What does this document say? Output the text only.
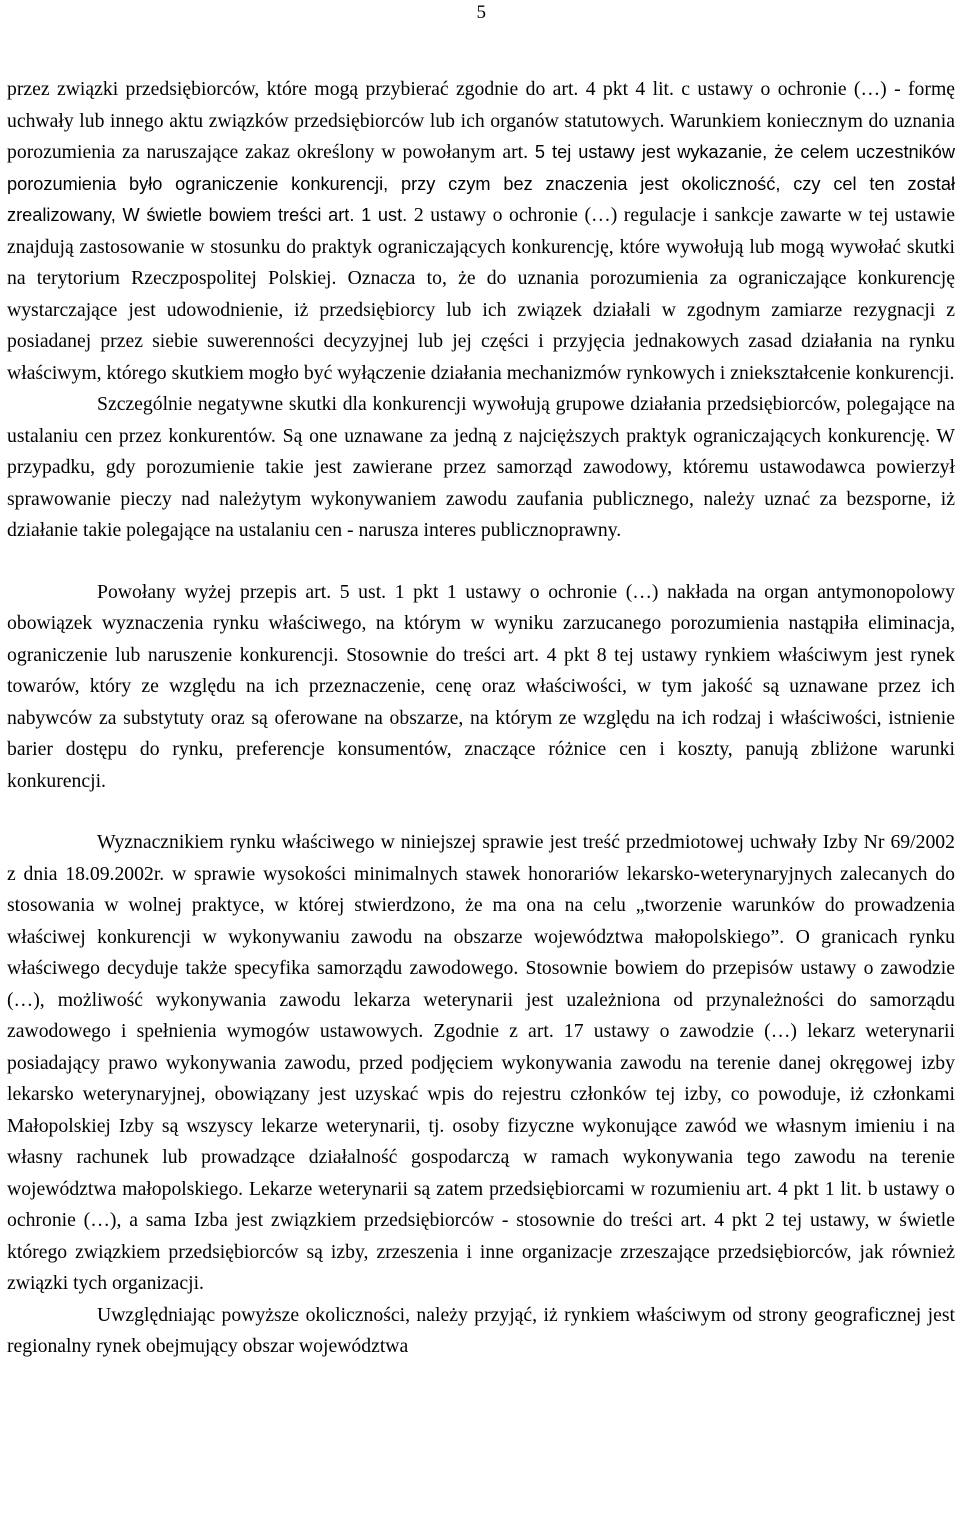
5

przez związki przedsiębiorców, które mogą przybierać zgodnie do art. 4 pkt 4 lit. c ustawy o ochronie (…) - formę uchwały lub innego aktu związków przedsiębiorców lub ich organów statutowych. Warunkiem koniecznym do uznania porozumienia za naruszające zakaz określony w powołanym art. 5 tej ustawy jest wykazanie, że celem uczestników porozumienia było ograniczenie konkurencji, przy czym bez znaczenia jest okoliczność, czy cel ten został zrealizowany, W świetle bowiem treści art. 1 ust. 2 ustawy o ochronie (…) regulacje i sankcje zawarte w tej ustawie znajdują zastosowanie w stosunku do praktyk ograniczających konkurencję, które wywołują lub mogą wywołać skutki na terytorium Rzeczpospolitej Polskiej. Oznacza to, że do uznania porozumienia za ograniczające konkurencję wystarczające jest udowodnienie, iż przedsiębiorcy lub ich związek działali w zgodnym zamiarze rezygnacji z posiadanej przez siebie suwerenności decyzyjnej lub jej części i przyjęcia jednakowych zasad działania na rynku właściwym, którego skutkiem mogło być wyłączenie działania mechanizmów rynkowych i zniekształcenie konkurencji.

Szczególnie negatywne skutki dla konkurencji wywołują grupowe działania przedsiębiorców, polegające na ustalaniu cen przez konkurentów. Są one uznawane za jedną z najcięższych praktyk ograniczających konkurencję. W przypadku, gdy porozumienie takie jest zawierane przez samorząd zawodowy, któremu ustawodawca powierzył sprawowanie pieczy nad należytym wykonywaniem zawodu zaufania publicznego, należy uznać za bezsporne, iż działanie takie polegające na ustalaniu cen - narusza interes publicznoprawny.

Powołany wyżej przepis art. 5 ust. 1 pkt 1 ustawy o ochronie (…) nakłada na organ antymonopolowy obowiązek wyznaczenia rynku właściwego, na którym w wyniku zarzucanego porozumienia nastąpiła eliminacja, ograniczenie lub naruszenie konkurencji. Stosownie do treści art. 4 pkt 8 tej ustawy rynkiem właściwym jest rynek towarów, który ze względu na ich przeznaczenie, cenę oraz właściwości, w tym jakość są uznawane przez ich nabywców za substytuty oraz są oferowane na obszarze, na którym ze względu na ich rodzaj i właściwości, istnienie barier dostępu do rynku, preferencje konsumentów, znaczące różnice cen i koszty, panują zbliżone warunki konkurencji.

Wyznacznikiem rynku właściwego w niniejszej sprawie jest treść przedmiotowej uchwały Izby Nr 69/2002 z dnia 18.09.2002r. w sprawie wysokości minimalnych stawek honorariów lekarsko-weterynaryjnych zalecanych do stosowania w wolnej praktyce, w której stwierdzono, że ma ona na celu „tworzenie warunków do prowadzenia właściwej konkurencji w wykonywaniu zawodu na obszarze województwa małopolskiego”. O granicach rynku właściwego decyduje także specyfika samorządu zawodowego. Stosownie bowiem do przepisów ustawy o zawodzie (…), możliwość wykonywania zawodu lekarza weterynarii jest uzależniona od przynależności do samorządu zawodowego i spełnienia wymogów ustawowych. Zgodnie z art. 17 ustawy o zawodzie (…) lekarz weterynarii posiadający prawo wykonywania zawodu, przed podjęciem wykonywania zawodu na terenie danej okręgowej izby lekarsko weterynaryjnej, obowiązany jest uzyskać wpis do rejestru członków tej izby, co powoduje, iż członkami Małopolskiej Izby są wszyscy lekarze weterynarii, tj. osoby fizyczne wykonujące zawód we własnym imieniu i na własny rachunek lub prowadzące działalność gospodarczą w ramach wykonywania tego zawodu na terenie województwa małopolskiego. Lekarze weterynarii są zatem przedsiębiorcami w rozumieniu art. 4 pkt 1 lit. b ustawy o ochronie (…), a sama Izba jest związkiem przedsiębiorców - stosownie do treści art. 4 pkt 2 tej ustawy, w świetle którego związkiem przedsiębiorców są izby, zrzeszenia i inne organizacje zrzeszające przedsiębiorców, jak również związki tych organizacji.

Uwzględniając powyższe okoliczności, należy przyjąć, iż rynkiem właściwym od strony geograficznej jest regionalny rynek obejmujący obszar województwa
